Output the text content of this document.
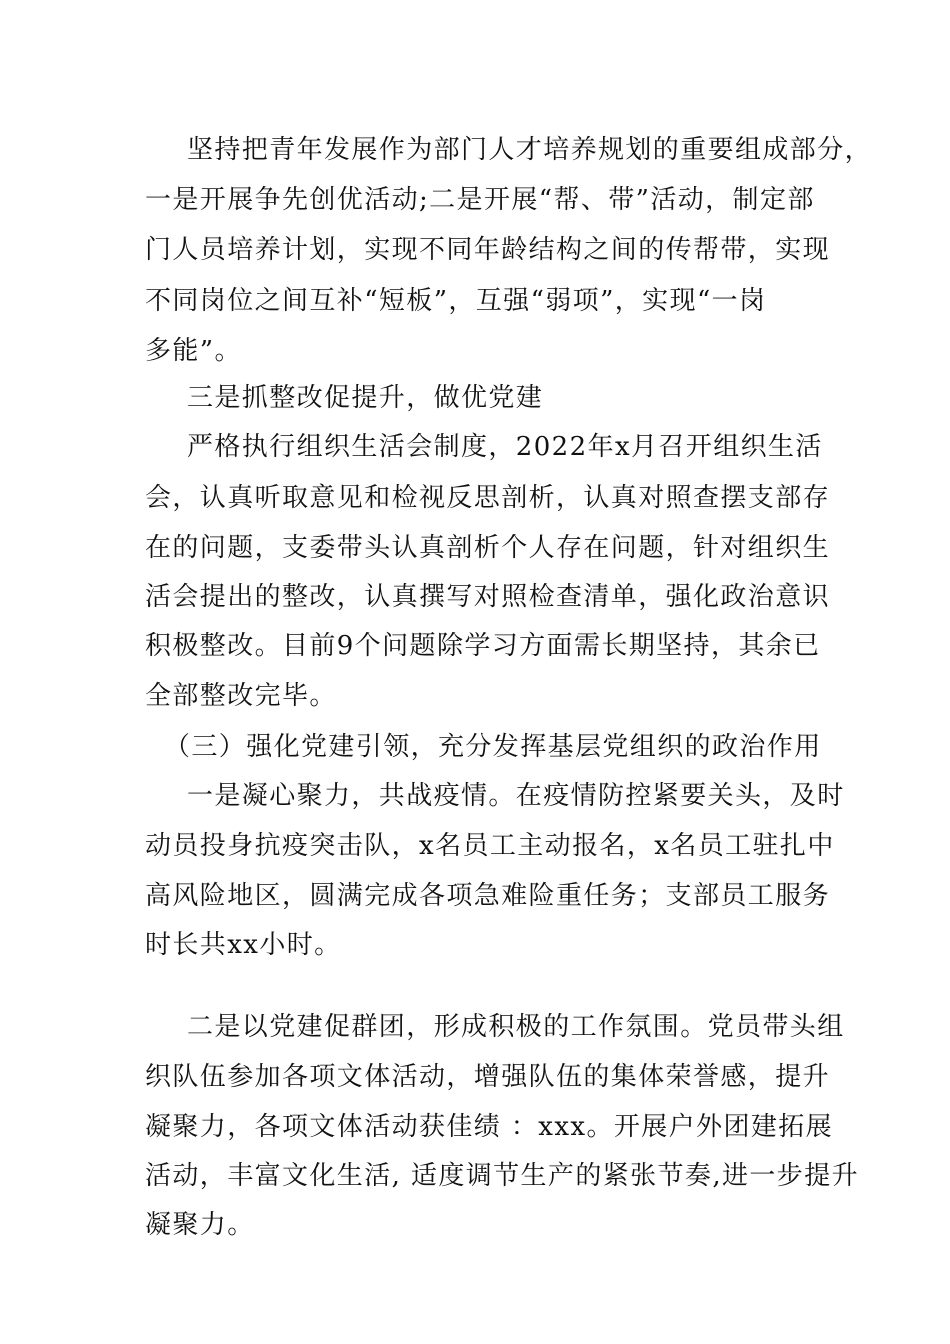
坚持把青年发展作为部门人才培养规划的重要组成部分，
一是开展争先创优活动;二是开展“帮、带”活动，制定部
门人员培养计划，实现不同年龄结构之间的传帮带，实现
不同岗位之间互补“短板”，互强“弱项”，实现“一岗
多能”。
三是抓整改促提升，做优党建
严格执行组织生活会制度，2022年x月召开组织生活
会，认真听取意见和检视反思剖析，认真对照查摆支部存
在的问题，支委带头认真剖析个人存在问题，针对组织生
活会提出的整改，认真撰写对照检查清单，强化政治意识
积极整改。目前9个问题除学习方面需长期坚持，其余已
全部整改完毕。
（三）强化党建引领，充分发挥基层党组织的政治作用
一是凝心聚力，共战疫情。在疫情防控紧要关头，及时
动员投身抗疫突击队，x名员工主动报名，x名员工驻扎中
高风险地区，圆满完成各项急难险重任务；支部员工服务
时长共xx小时。
二是以党建促群团，形成积极的工作氛围。党员带头组
织队伍参加各项文体活动，增强队伍的集体荣誉感，提升
凝聚力，各项文体活动获佳绩 ：xxx。开展户外团建拓展
活动，丰富文化生活, 适度调节生产的紧张节奏,进一步提升
凝聚力。
